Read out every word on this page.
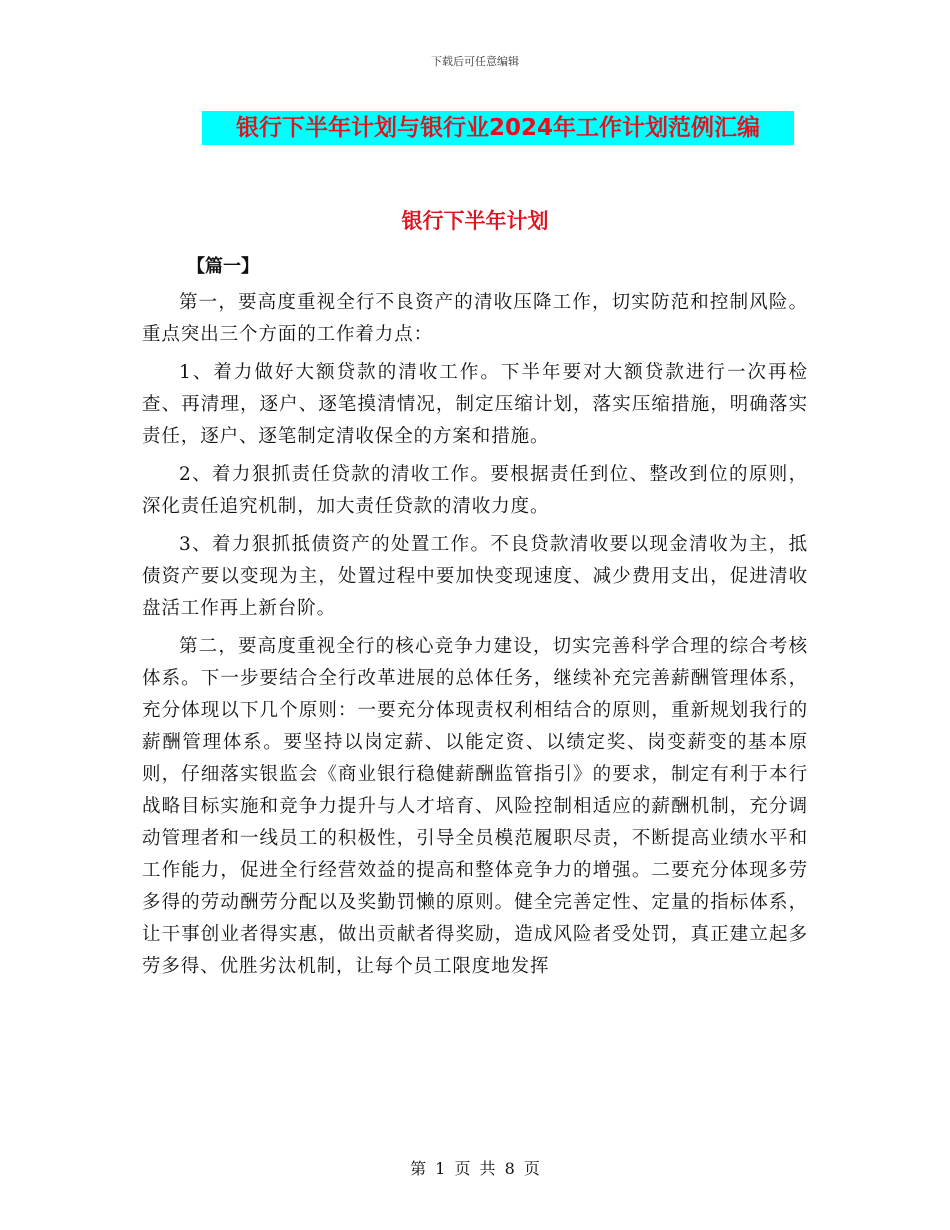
下载后可任意编辑
银行下半年计划与银行业2024年工作计划范例汇编
银行下半年计划
【篇一】

第一，要高度重视全行不良资产的清收压降工作，切实防范和控制风险。重点突出三个方面的工作着力点：

1、着力做好大额贷款的清收工作。下半年要对大额贷款进行一次再检查、再清理，逐户、逐笔摸清情况，制定压缩计划，落实压缩措施，明确落实责任，逐户、逐笔制定清收保全的方案和措施。

2、着力狠抓责任贷款的清收工作。要根据责任到位、整改到位的原则，深化责任追究机制，加大责任贷款的清收力度。

3、着力狠抓抵债资产的处置工作。不良贷款清收要以现金清收为主，抵债资产要以变现为主，处置过程中要加快变现速度、减少费用支出，促进清收盘活工作再上新台阶。

第二，要高度重视全行的核心竞争力建设，切实完善科学合理的综合考核体系。下一步要结合全行改革进展的总体任务，继续补充完善薪酬管理体系，充分体现以下几个原则：一要充分体现责权利相结合的原则，重新规划我行的薪酬管理体系。要坚持以岗定薪、以能定资、以绩定奖、岗变薪变的基本原则，仔细落实银监会《商业银行稳健薪酬监管指引》的要求，制定有利于本行战略目标实施和竞争力提升与人才培育、风险控制相适应的薪酬机制，充分调动管理者和一线员工的积极性，引导全员模范履职尽责，不断提高业绩水平和工作能力，促进全行经营效益的提高和整体竞争力的增强。二要充分体现多劳多得的劳动酬劳分配以及奖勤罚懒的原则。健全完善定性、定量的指标体系，让干事创业者得实惠，做出贡献者得奖励，造成风险者受处罚，真正建立起多劳多得、优胜劣汰机制，让每个员工限度地发挥

第 1 页 共 8 页
